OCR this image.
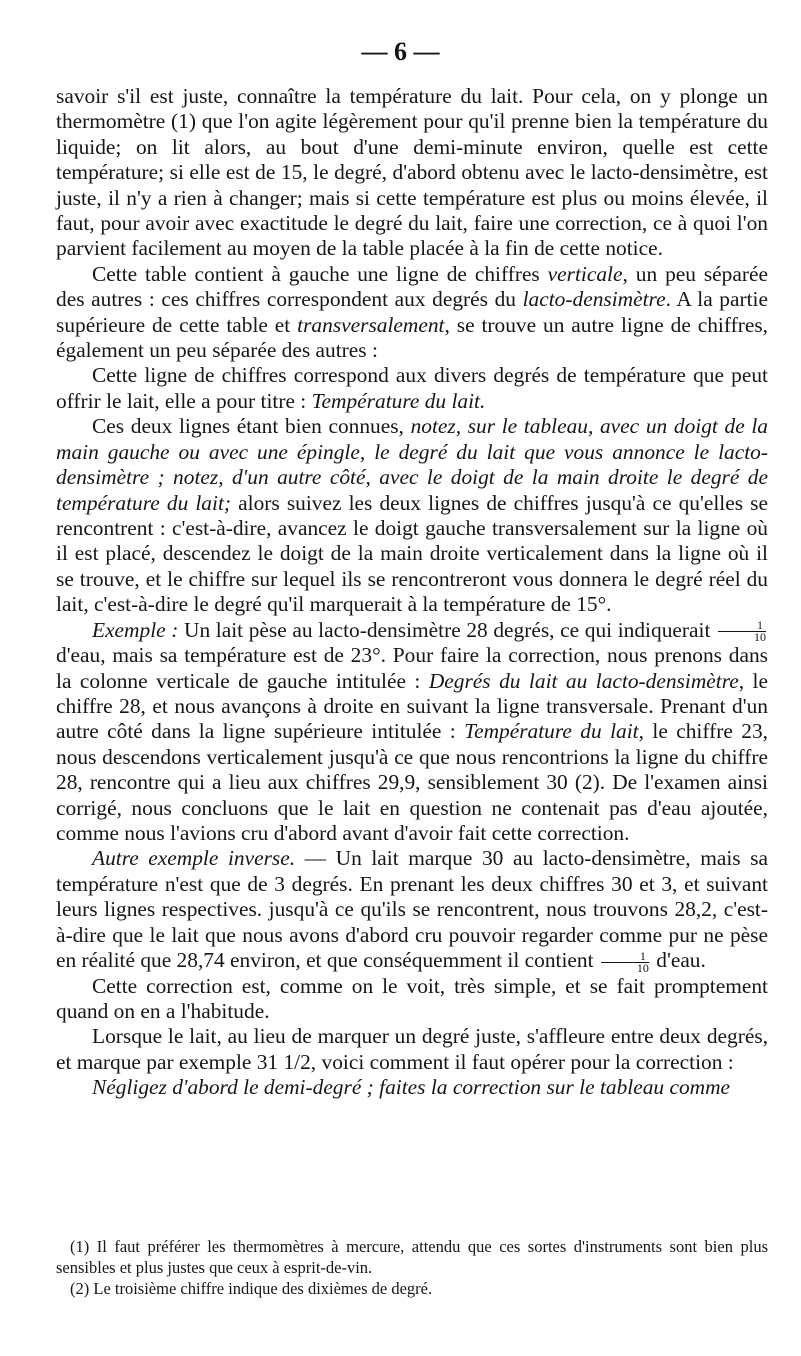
— 6 —

savoir s'il est juste, connaître la température du lait. Pour cela, on y plonge un thermomètre (1) que l'on agite légèrement pour qu'il prenne bien la température du liquide; on lit alors, au bout d'une demi-minute environ, quelle est cette température; si elle est de 15, le degré, d'abord obtenu avec le lacto-densimètre, est juste, il n'y a rien à changer; mais si cette température est plus ou moins élevée, il faut, pour avoir avec exactitude le degré du lait, faire une correction, ce à quoi l'on parvient facilement au moyen de la table placée à la fin de cette notice.

Cette table contient à gauche une ligne de chiffres verticale, un peu séparée des autres : ces chiffres correspondent aux degrés du lacto-densimètre. A la partie supérieure de cette table et transversalement, se trouve un autre ligne de chiffres, également un peu séparée des autres :

Cette ligne de chiffres correspond aux divers degrés de température que peut offrir le lait, elle a pour titre : Température du lait.

Ces deux lignes étant bien connues, notez, sur le tableau, avec un doigt de la main gauche ou avec une épingle, le degré du lait que vous annonce le lacto-densimètre ; notez, d'un autre côté, avec le doigt de la main droite le degré de température du lait; alors suivez les deux lignes de chiffres jusqu'à ce qu'elles se rencontrent : c'est-à-dire, avancez le doigt gauche transversalement sur la ligne où il est placé, descendez le doigt de la main droite verticalement dans la ligne où il se trouve, et le chiffre sur lequel ils se rencontreront vous donnera le degré réel du lait, c'est-à-dire le degré qu'il marquerait à la température de 15°.

Exemple : Un lait pèse au lacto-densimètre 28 degrés, ce qui indiquerait $\frac{1}{10}$
d'eau, mais sa température est de 23°. Pour faire la correction, nous prenons dans la colonne verticale de gauche intitulée : Degrés du lait au lacto-densimètre, le chiffre 28, et nous avançons à droite en suivant la ligne transversale. Prenant d'un autre côté dans la ligne supérieure intitulée : Température du lait, le chiffre 23, nous descendons verticalement jusqu'à ce que nous rencontrions la ligne du chiffre 28, rencontre qui a lieu aux chiffres 29,9, sensiblement 30 (2). De l'examen ainsi corrigé, nous concluons que le lait en question ne contenait pas d'eau ajoutée, comme nous l'avions cru d'abord avant d'avoir fait cette correction.

Autre exemple inverse. — Un lait marque 30 au lacto-densimètre, mais sa température n'est que de 3 degrés. En prenant les deux chiffres 30 et 3, et suivant leurs lignes respectives. jusqu'à ce qu'ils se rencontrent, nous trouvons 28,2, c'est-à-dire que le lait que nous avons d'abord cru pouvoir regarder comme pur ne pèse en réalité que 28,74 environ, et que conséquemment il contient $\frac{1}{10} d'eau$.

Cette correction est, comme on le voit, très simple, et se fait promptement quand on en a l'habitude.

Lorsque le lait, au lieu de marquer un degré juste, s'affleure entre deux degrés, et marque par exemple 31 1/2, voici comment il faut opérer pour la correction :

Négligez d'abord le demi-degré ; faites la correction sur le tableau comme

(1) Il faut préférer les thermomètres à mercure, attendu que ces sortes d'instruments sont bien plus sensibles et plus justes que ceux à esprit-de-vin.

(2) Le troisième chiffre indique des dixièmes de degré.
